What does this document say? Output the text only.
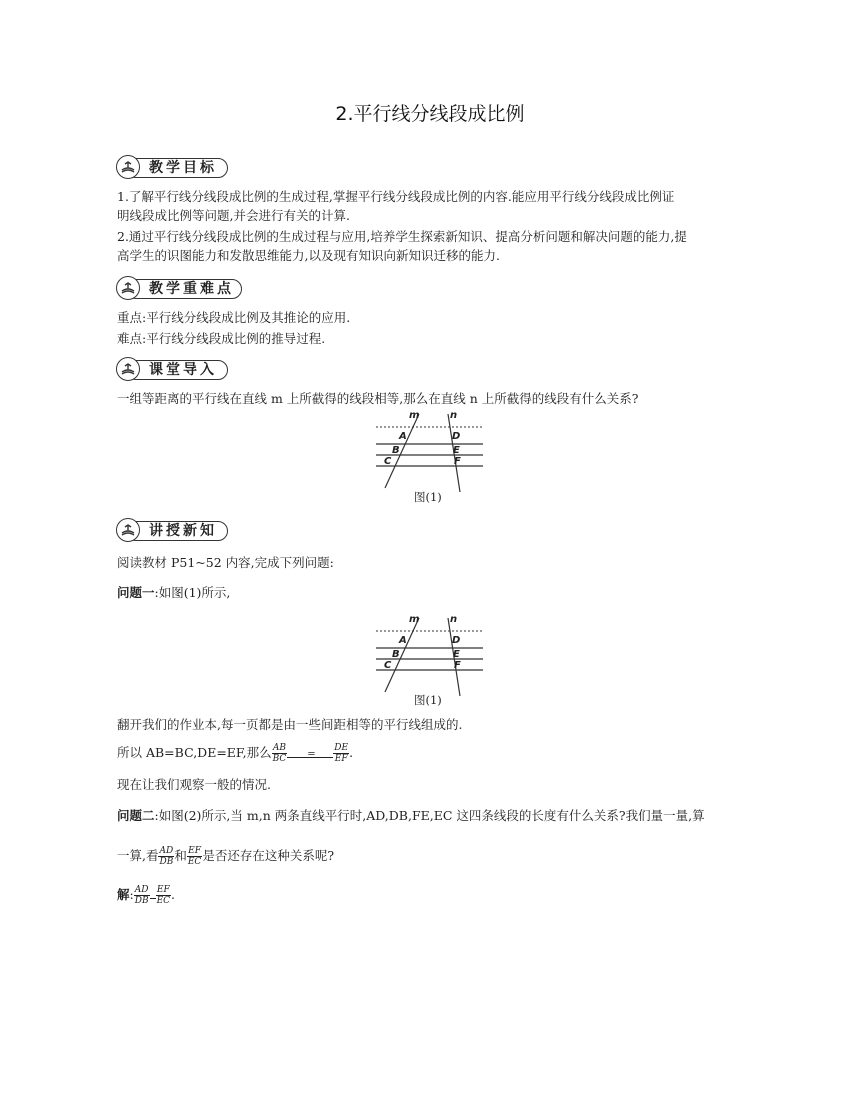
2.平行线分线段成比例
教学目标
1.了解平行线分线段成比例的生成过程,掌握平行线分线段成比例的内容.能应用平行线分线段成比例证
明线段成比例等问题,并会进行有关的计算.
2.通过平行线分线段成比例的生成过程与应用,培养学生探索新知识、提高分析问题和解决问题的能力,提
高学生的识图能力和发散思维能力,以及现有知识向新知识迁移的能力.
教学重难点
重点:平行线分线段成比例及其推论的应用.
难点:平行线分线段成比例的推导过程.
课堂导入
一组等距离的平行线在直线 m 上所截得的线段相等,那么在直线 n 上所截得的线段有什么关系?
m	n
A
B
C
D
E
F
图(1)
讲授新知
阅读教材 P51~52 内容,完成下列问题:
问题一:如图(1)所示,
m	n
A
B
C
D
E
F
图(1)
翻开我们的作业本,每一页都是由一些间距相等的平行线组成的.
所以 AB=BC,DE=EF,那么 $\frac{AB}{BC} = \frac{DE}{EF}$ .
现在让我们观察一般的情况.
问题二:如图(2)所示,当 m,n 两条直线平行时,AD,DB,FE,EC 这四条线段的长度有什么关系?我们量一量,算
一算,看 $\frac{AD}{DB}$ 和 $\frac{EF}{EC}$ 是否还存在这种关系呢?
解: $\frac{AD}{DB} \frac{EF}{EC}$ .
